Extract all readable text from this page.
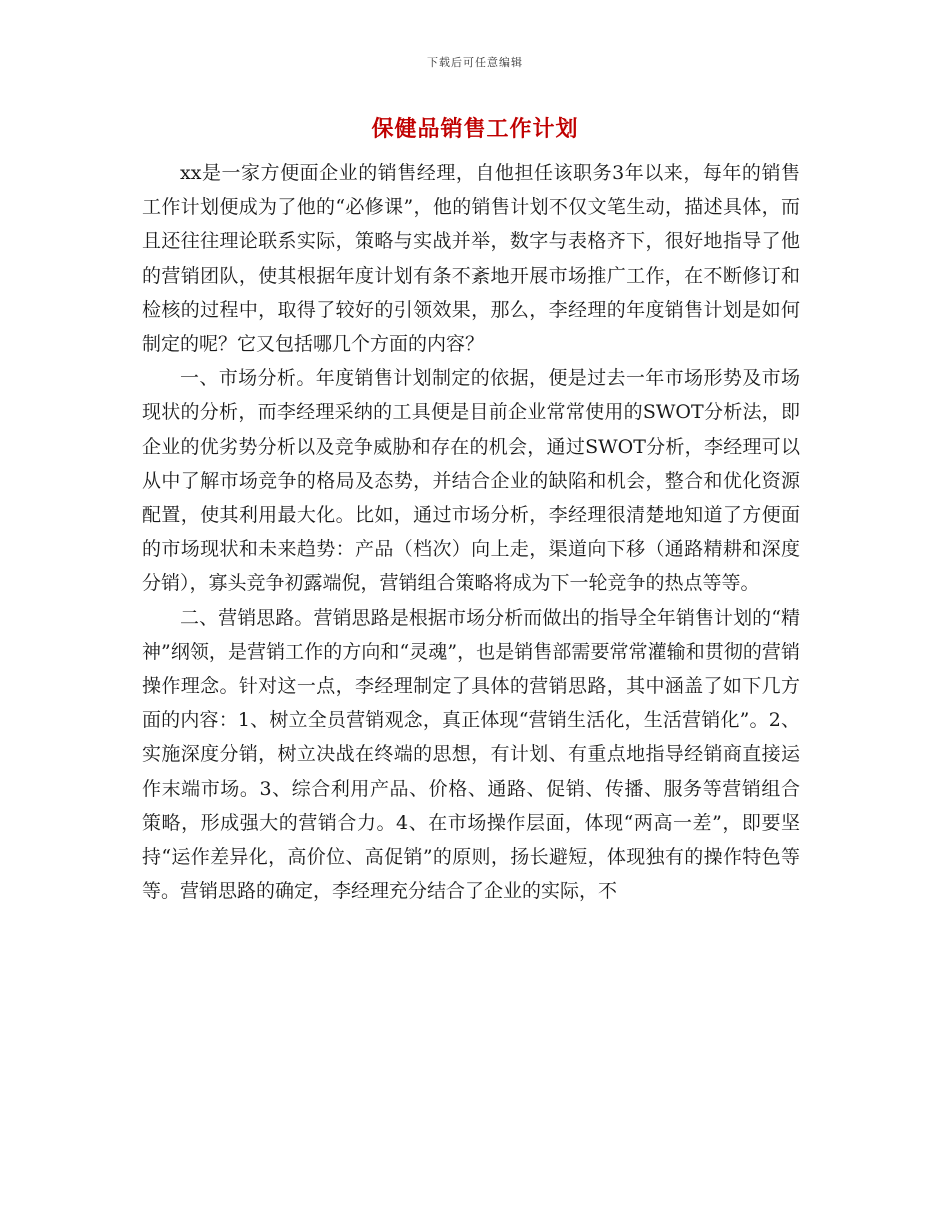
下载后可任意编辑
保健品销售工作计划

xx是一家方便面企业的销售经理，自他担任该职务3年以来，每年的销售工作计划便成为了他的“必修课”，他的销售计划不仅文笔生动，描述具体，而且还往往理论联系实际，策略与实战并举，数字与表格齐下，很好地指导了他的营销团队，使其根据年度计划有条不紊地开展市场推广工作，在不断修订和检核的过程中，取得了较好的引领效果，那么，李经理的年度销售计划是如何制定的呢？它又包括哪几个方面的内容？

一、市场分析。年度销售计划制定的依据，便是过去一年市场形势及市场现状的分析，而李经理采纳的工具便是目前企业常常使用的SWOT分析法，即企业的优劣势分析以及竞争威胁和存在的机会，通过SWOT分析，李经理可以从中了解市场竞争的格局及态势，并结合企业的缺陷和机会，整合和优化资源配置，使其利用最大化。比如，通过市场分析，李经理很清楚地知道了方便面的市场现状和未来趋势：产品（档次）向上走，渠道向下移（通路精耕和深度分销），寡头竞争初露端倪，营销组合策略将成为下一轮竞争的热点等等。

二、营销思路。营销思路是根据市场分析而做出的指导全年销售计划的“精神”纲领，是营销工作的方向和“灵魂”，也是销售部需要常常灌输和贯彻的营销操作理念。针对这一点，李经理制定了具体的营销思路，其中涵盖了如下几方面的内容：1、树立全员营销观念，真正体现“营销生活化，生活营销化”。2、实施深度分销，树立决战在终端的思想，有计划、有重点地指导经销商直接运作末端市场。3、综合利用产品、价格、通路、促销、传播、服务等营销组合策略，形成强大的营销合力。4、在市场操作层面，体现“两高一差”，即要坚持“运作差异化，高价位、高促销”的原则，扬长避短，体现独有的操作特色等等。营销思路的确定，李经理充分结合了企业的实际，不
